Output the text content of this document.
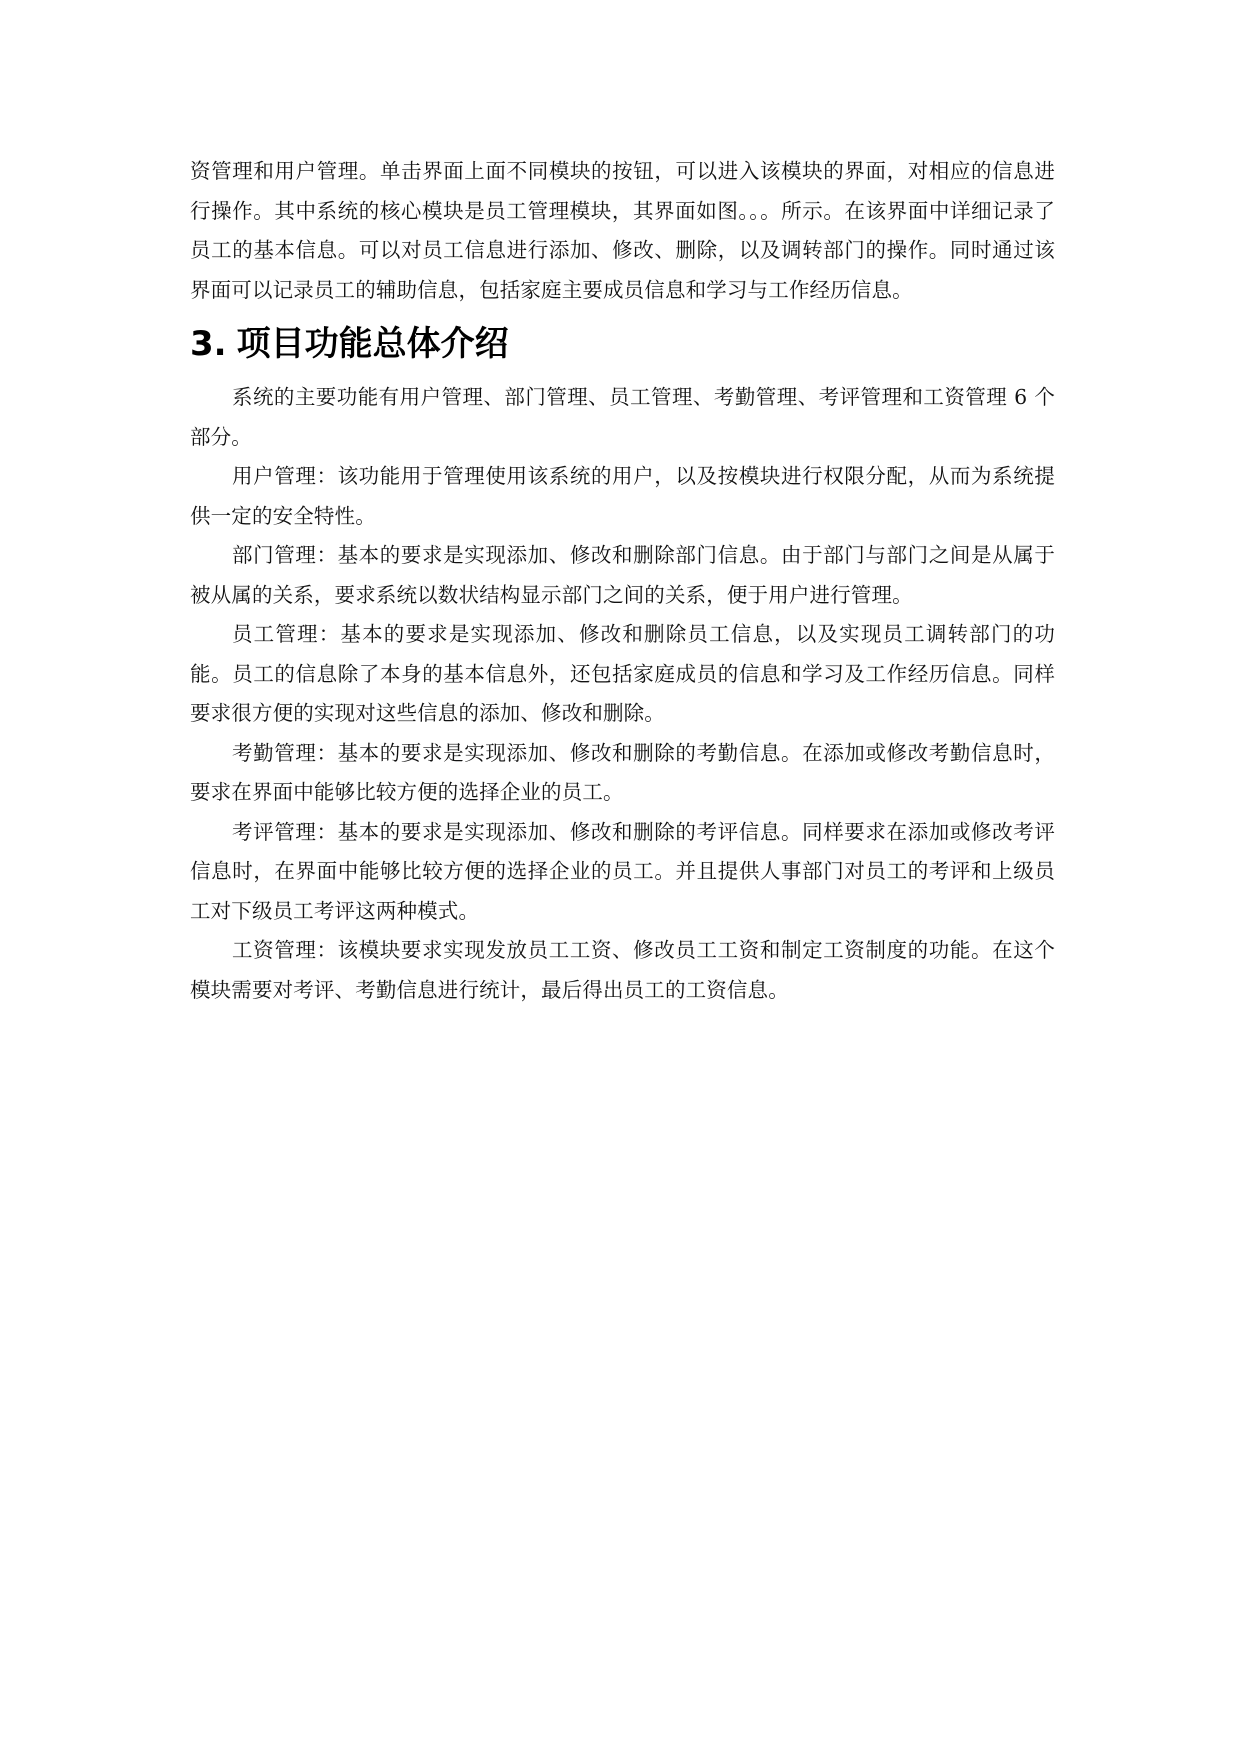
资管理和用户管理。单击界面上面不同模块的按钮，可以进入该模块的界面，对相应的信息进行操作。其中系统的核心模块是员工管理模块，其界面如图。。。所示。在该界面中详细记录了员工的基本信息。可以对员工信息进行添加、修改、删除，以及调转部门的操作。同时通过该界面可以记录员工的辅助信息，包括家庭主要成员信息和学习与工作经历信息。

3. 项目功能总体介绍

系统的主要功能有用户管理、部门管理、员工管理、考勤管理、考评管理和工资管理 6 个部分。

用户管理：该功能用于管理使用该系统的用户，以及按模块进行权限分配，从而为系统提供一定的安全特性。

部门管理：基本的要求是实现添加、修改和删除部门信息。由于部门与部门之间是从属于被从属的关系，要求系统以数状结构显示部门之间的关系，便于用户进行管理。

员工管理：基本的要求是实现添加、修改和删除员工信息，以及实现员工调转部门的功能。员工的信息除了本身的基本信息外，还包括家庭成员的信息和学习及工作经历信息。同样要求很方便的实现对这些信息的添加、修改和删除。

考勤管理：基本的要求是实现添加、修改和删除的考勤信息。在添加或修改考勤信息时，要求在界面中能够比较方便的选择企业的员工。

考评管理：基本的要求是实现添加、修改和删除的考评信息。同样要求在添加或修改考评信息时，在界面中能够比较方便的选择企业的员工。并且提供人事部门对员工的考评和上级员工对下级员工考评这两种模式。

工资管理：该模块要求实现发放员工工资、修改员工工资和制定工资制度的功能。在这个模块需要对考评、考勤信息进行统计，最后得出员工的工资信息。
